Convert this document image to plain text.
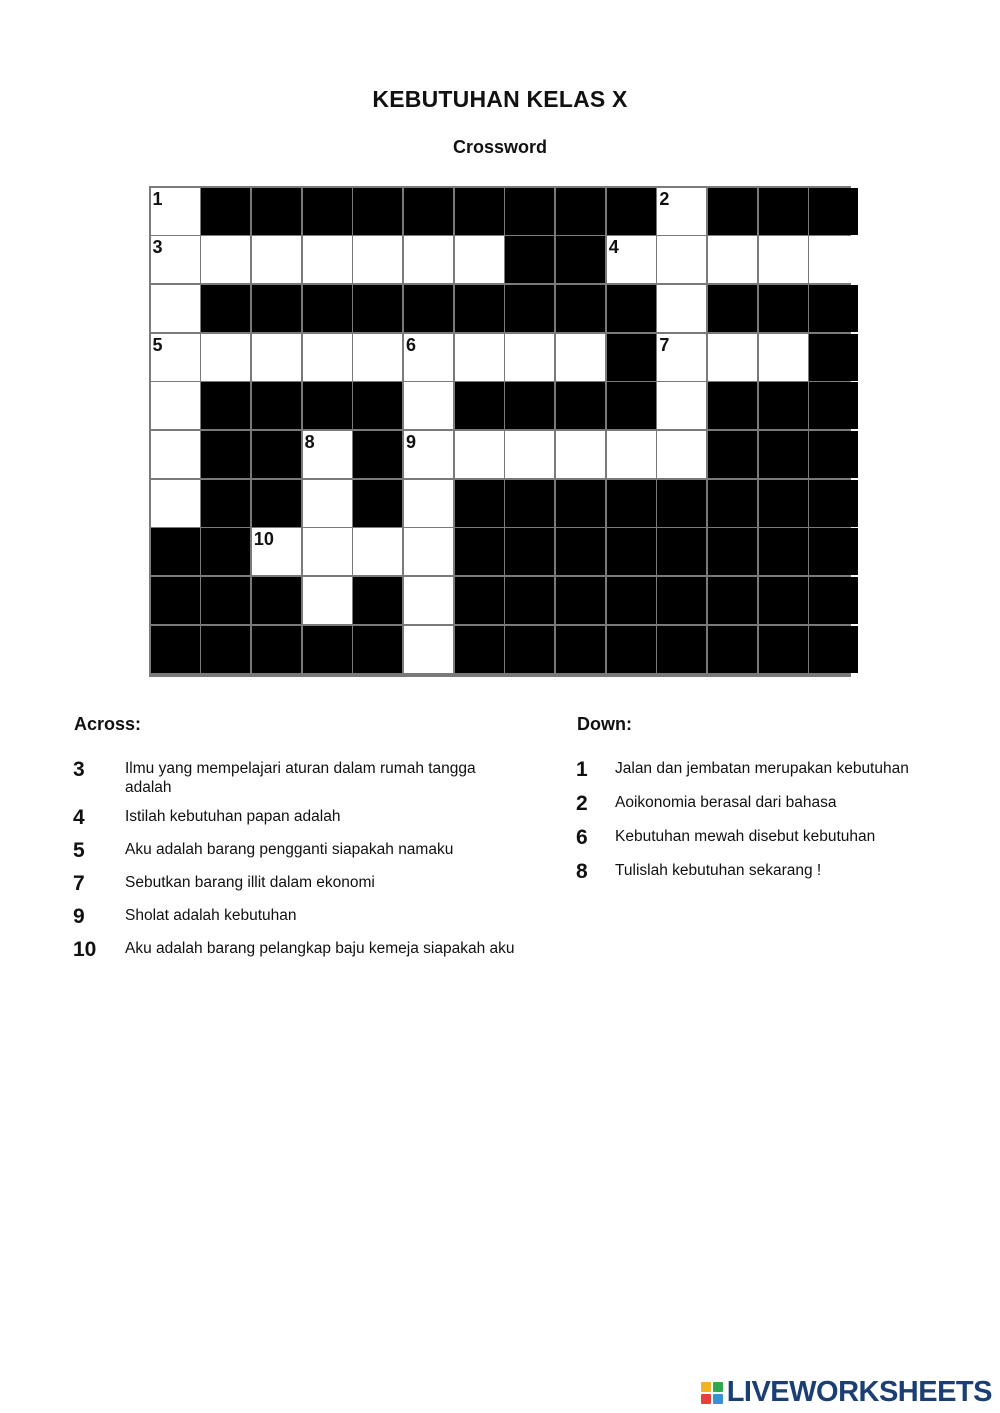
KEBUTUHAN KELAS X
Crossword
1	2
3	4
5	6	7
8	9
10
Across:	Down:
3	Ilmu yang mempelajari aturan dalam rumah tangga adalah
4	Istilah kebutuhan papan adalah
5	Aku adalah barang pengganti siapakah namaku
7	Sebutkan barang illit dalam ekonomi
9	Sholat adalah kebutuhan
10	Aku adalah barang pelangkap baju kemeja siapakah aku
1	Jalan dan jembatan merupakan kebutuhan
2	Aoikonomia berasal dari bahasa
6	Kebutuhan mewah disebut kebutuhan
8	Tulislah kebutuhan sekarang !
LIVEWORKSHEETS
